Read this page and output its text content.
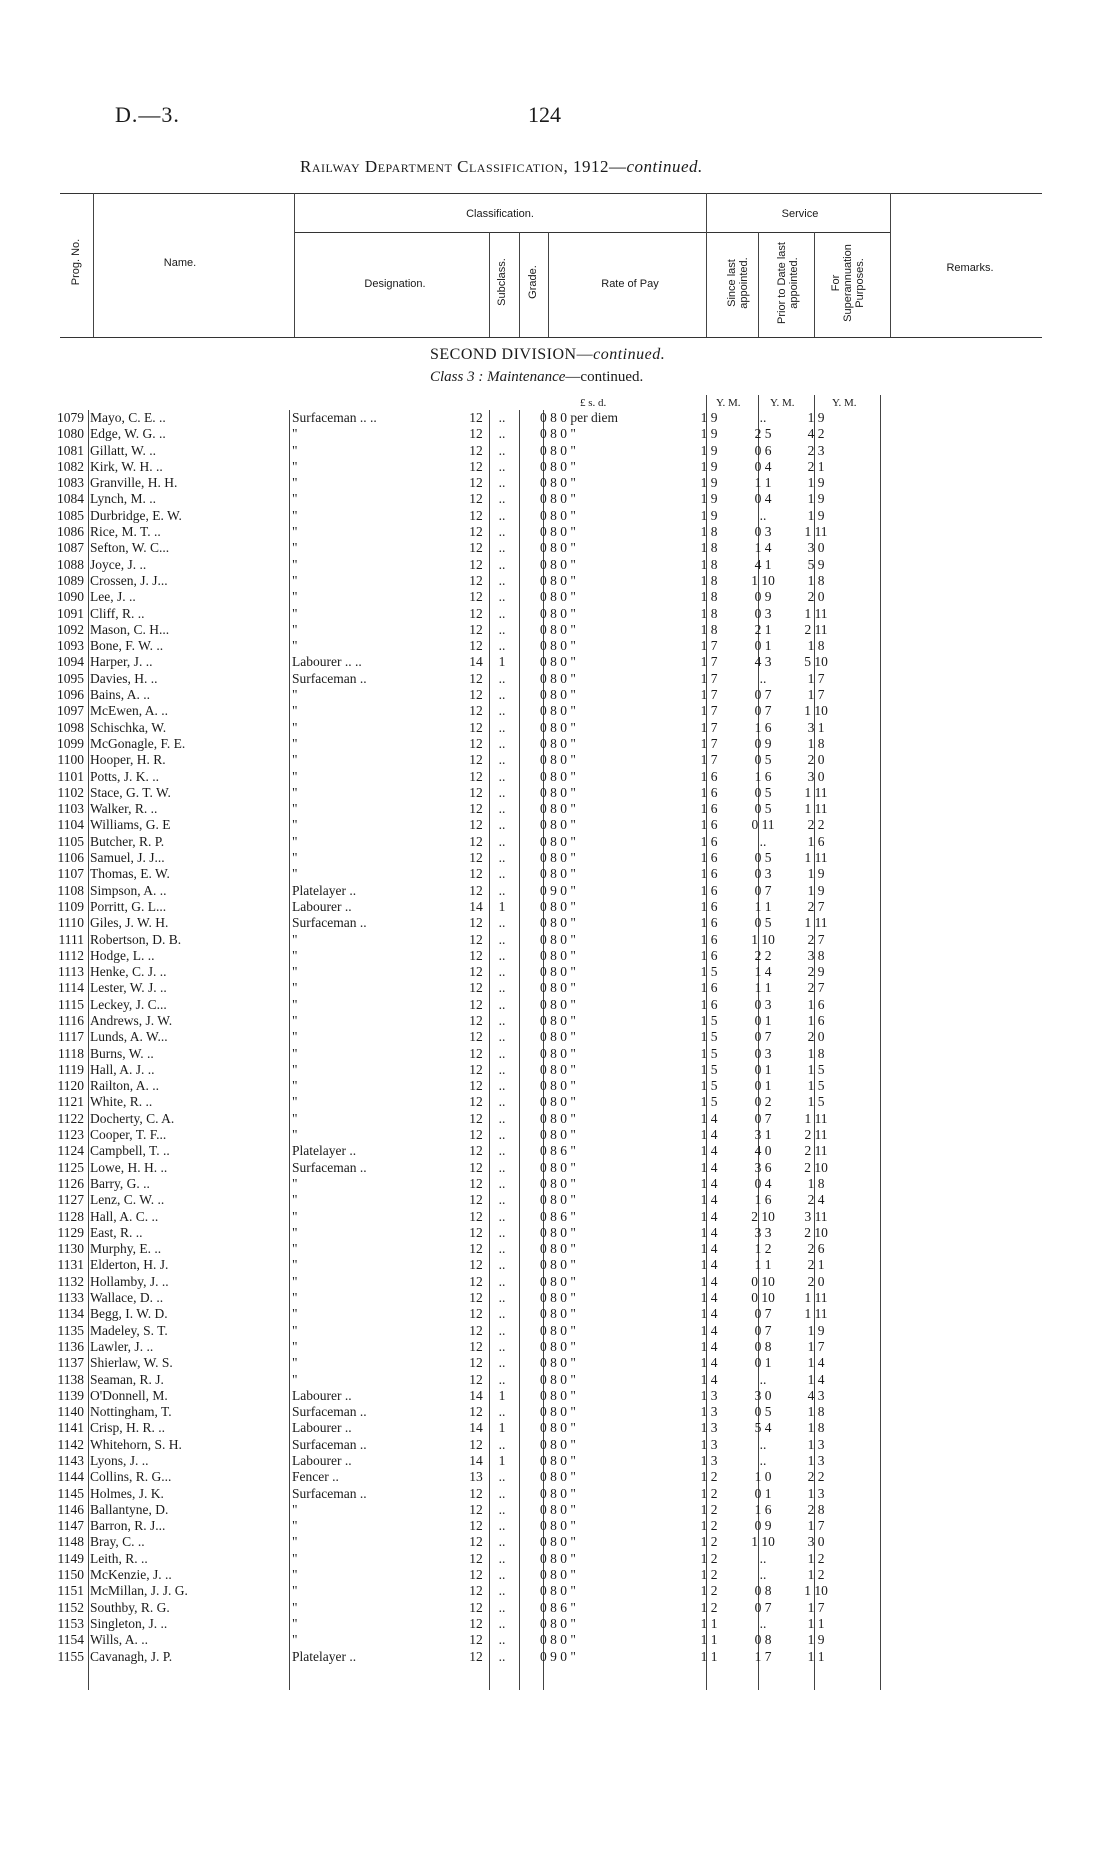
D.—3.	124
Railway Department Classification, 1912—continued.
Prog. No.	Name.
Classification.
Designation.	Subclass. Grade.	Rate of Pay
Service
Since last appointed. Prior to Date last appointed.	For Superannuation Purposes.	Remarks.
SECOND DIVISION—continued.
Class 3 : Maintenance—continued.
£ s. d.	Y. M.	Y. M.	Y. M.
1079	Mayo, C. E. ..		Surfaceman .. ..	12	..	0 8 0 per diem	1 9	..	1 9
1080	Edge, W. G. ..		"	12	..	0 8 0 "	1 9	2 5	4 2
1081	Gillatt, W. ..		"	12	..	0 8 0 "	1 9	0 6	2 3
1082	Kirk, W. H. ..		"	12	..	0 8 0 "	1 9	0 4	2 1
1083	Granville, H. H.		"	12	..	0 8 0 "	1 9	1 1	1 9
1084	Lynch, M. ..		"	12	..	0 8 0 "	1 9	0 4	1 9
1085	Durbridge, E. W.		"	12	..	0 8 0 "	1 9	..	1 9
1086	Rice, M. T. ..		"	12	..	0 8 0 "	1 8	0 3	1 11
1087	Sefton, W. C...		"	12	..	0 8 0 "	1 8	1 4	3 0
1088	Joyce, J. ..		"	12	..	0 8 0 "	1 8	4 1	5 9
1089	Crossen, J. J...		"	12	..	0 8 0 "	1 8	1 10	1 8
1090	Lee, J. ..		"	12	..	0 8 0 "	1 8	0 9	2 0
1091	Cliff, R. ..		"	12	..	0 8 0 "	1 8	0 3	1 11
1092	Mason, C. H...		"	12	..	0 8 0 "	1 8	2 1	2 11
1093	Bone, F. W. ..		"	12	..	0 8 0 "	1 7	0 1	1 8
1094	Harper, J. ..		Labourer .. ..	14	1	0 8 0 "	1 7	4 3	5 10
1095	Davies, H. ..		Surfaceman ..	12	..	0 8 0 "	1 7	..	1 7
1096	Bains, A. ..		"	12	..	0 8 0 "	1 7	0 7	1 7
1097	McEwen, A. ..		"	12	..	0 8 0 "	1 7	0 7	1 10
1098	Schischka, W.		"	12	..	0 8 0 "	1 7	1 6	3 1
1099	McGonagle, F. E.		"	12	..	0 8 0 "	1 7	0 9	1 8
1100	Hooper, H. R.		"	12	..	0 8 0 "	1 7	0 5	2 0
1101	Potts, J. K. ..		"	12	..	0 8 0 "	1 6	1 6	3 0
1102	Stace, G. T. W.		"	12	..	0 8 0 "	1 6	0 5	1 11
1103	Walker, R. ..		"	12	..	0 8 0 "	1 6	0 5	1 11
1104	Williams, G. E		"	12	..	0 8 0 "	1 6	0 11	2 2
1105	Butcher, R. P.		"	12	..	0 8 0 "	1 6	..	1 6
1106	Samuel, J. J...		"	12	..	0 8 0 "	1 6	0 5	1 11
1107	Thomas, E. W.		"	12	..	0 8 0 "	1 6	0 3	1 9
1108	Simpson, A. ..		Platelayer ..	12	..	0 9 0 "	1 6	0 7	1 9
1109	Porritt, G. L...		Labourer ..	14	1	0 8 0 "	1 6	1 1	2 7
1110	Giles, J. W. H.		Surfaceman ..	12	..	0 8 0 "	1 6	0 5	1 11
1111	Robertson, D. B.		"	12	..	0 8 0 "	1 6	1 10	2 7
1112	Hodge, L. ..		"	12	..	0 8 0 "	1 6	2 2	3 8
1113	Henke, C. J. ..		"	12	..	0 8 0 "	1 5	1 4	2 9
1114	Lester, W. J. ..		"	12	..	0 8 0 "	1 6	1 1	2 7
1115	Leckey, J. C...		"	12	..	0 8 0 "	1 6	0 3	1 6
1116	Andrews, J. W.		"	12	..	0 8 0 "	1 5	0 1	1 6
1117	Lunds, A. W...		"	12	..	0 8 0 "	1 5	0 7	2 0
1118	Burns, W. ..		"	12	..	0 8 0 "	1 5	0 3	1 8
1119	Hall, A. J. ..		"	12	..	0 8 0 "	1 5	0 1	1 5
1120	Railton, A. ..		"	12	..	0 8 0 "	1 5	0 1	1 5
1121	White, R. ..		"	12	..	0 8 0 "	1 5	0 2	1 5
1122	Docherty, C. A.		"	12	..	0 8 0 "	1 4	0 7	1 11
1123	Cooper, T. F...		"	12	..	0 8 0 "	1 4	3 1	2 11
1124	Campbell, T. ..		Platelayer ..	12	..	0 8 6 "	1 4	4 0	2 11
1125	Lowe, H. H. ..		Surfaceman ..	12	..	0 8 0 "	1 4	3 6	2 10
1126	Barry, G. ..		"	12	..	0 8 0 "	1 4	0 4	1 8
1127	Lenz, C. W. ..		"	12	..	0 8 0 "	1 4	1 6	2 4
1128	Hall, A. C. ..		"	12	..	0 8 6 "	1 4	2 10	3 11
1129	East, R. ..		"	12	..	0 8 0 "	1 4	3 3	2 10
1130	Murphy, E. ..		"	12	..	0 8 0 "	1 4	1 2	2 6
1131	Elderton, H. J.		"	12	..	0 8 0 "	1 4	1 1	2 1
1132	Hollamby, J. ..		"	12	..	0 8 0 "	1 4	0 10	2 0
1133	Wallace, D. ..		"	12	..	0 8 0 "	1 4	0 10	1 11
1134	Begg, I. W. D.		"	12	..	0 8 0 "	1 4	0 7	1 11
1135	Madeley, S. T.		"	12	..	0 8 0 "	1 4	0 7	1 9
1136	Lawler, J. ..		"	12	..	0 8 0 "	1 4	0 8	1 7
1137	Shierlaw, W. S.		"	12	..	0 8 0 "	1 4	0 1	1 4
1138	Seaman, R. J.		"	12	..	0 8 0 "	1 4	..	1 4
1139	O'Donnell, M.		Labourer ..	14	1	0 8 0 "	1 3	3 0	4 3
1140	Nottingham, T.		Surfaceman ..	12	..	0 8 0 "	1 3	0 5	1 8
1141	Crisp, H. R. ..		Labourer ..	14	1	0 8 0 "	1 3	5 4	1 8
1142	Whitehorn, S. H.		Surfaceman ..	12	..	0 8 0 "	1 3	..	1 3
1143	Lyons, J. ..		Labourer ..	14	1	0 8 0 "	1 3	..	1 3
1144	Collins, R. G...		Fencer ..	13	..	0 8 0 "	1 2	1 0	2 2
1145	Holmes, J. K.		Surfaceman ..	12	..	0 8 0 "	1 2	0 1	1 3
1146	Ballantyne, D.		"	12	..	0 8 0 "	1 2	1 6	2 8
1147	Barron, R. J...		"	12	..	0 8 0 "	1 2	0 9	1 7
1148	Bray, C. ..		"	12	..	0 8 0 "	1 2	1 10	3 0
1149	Leith, R. ..		"	12	..	0 8 0 "	1 2	..	1 2
1150	McKenzie, J. ..		"	12	..	0 8 0 "	1 2	..	1 2
1151	McMillan, J. J. G.		"	12	..	0 8 0 "	1 2	0 8	1 10
1152	Southby, R. G.		"	12	..	0 8 6 "	1 2	0 7	1 7
1153	Singleton, J. ..		"	12	..	0 8 0 "	1 1	..	1 1
1154	Wills, A. ..		"	12	..	0 8 0 "	1 1	0 8	1 9
1155	Cavanagh, J. P.		Platelayer ..	12	..	0 9 0 "	1 1	1 7	1 1
